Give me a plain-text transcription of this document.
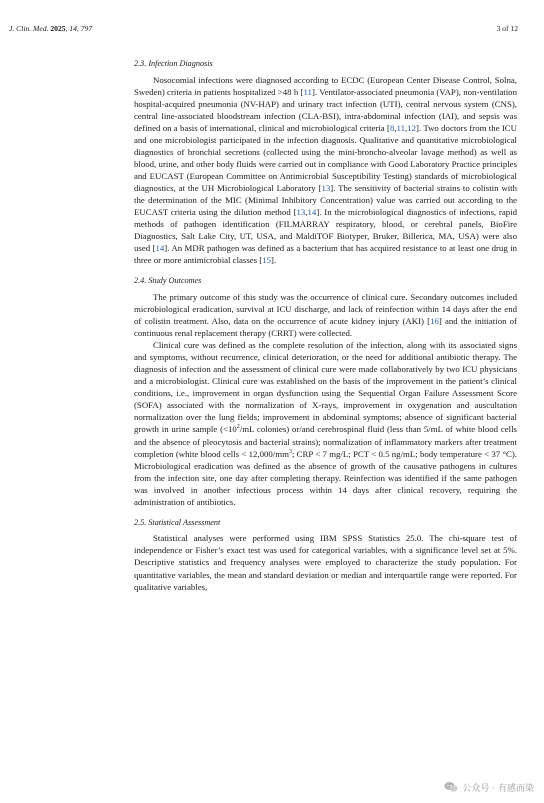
J. Clin. Med. 2025, 14, 797	3 of 12
2.3. Infection Diagnosis

Nosocomial infections were diagnosed according to ECDC (European Center Disease Control, Solna, Sweden) criteria in patients hospitalized >48 h [11]. Ventilator-associated pneumonia (VAP), non-ventilation hospital-acquired pneumonia (NV-HAP) and urinary tract infection (UTI), central nervous system (CNS), central line-associated bloodstream infection (CLA-BSI), intra-abdominal infection (IAI), and sepsis was defined on a basis of international, clinical and microbiological criteria [8,11,12]. Two doctors from the ICU and one microbiologist participated in the infection diagnosis. Qualitative and quantitative microbiological diagnostics of bronchial secretions (collected using the mini-broncho-alveolar lavage method) as well as blood, urine, and other body fluids were carried out in compliance with Good Laboratory Practice principles and EUCAST (European Committee on Antimicrobial Susceptibility Testing) standards of microbiological diagnostics, at the UH Microbiological Laboratory [13]. The sensitivity of bacterial strains to colistin with the determination of the MIC (Minimal Inhibitory Concentration) value was carried out according to the EUCAST criteria using the dilution method [13,14]. In the microbiological diagnostics of infections, rapid methods of pathogen identification (FILMARRAY respiratory, blood, or cerebral panels, BioFire Diagnostics, Salt Lake City, UT, USA, and MaldiTOF Biotyper, Bruker, Billerica, MA, USA) were also used [14]. An MDR pathogen was defined as a bacterium that has acquired resistance to at least one drug in three or more antimicrobial classes [15].

2.4. Study Outcomes

The primary outcome of this study was the occurrence of clinical cure. Secondary outcomes included microbiological eradication, survival at ICU discharge, and lack of reinfection within 14 days after the end of colistin treatment. Also, data on the occurrence of acute kidney injury (AKI) [16] and the initiation of continuous renal replacement therapy (CRRT) were collected.

Clinical cure was defined as the complete resolution of the infection, along with its associated signs and symptoms, without recurrence, clinical deterioration, or the need for additional antibiotic therapy. The diagnosis of infection and the assessment of clinical cure were made collaboratively by two ICU physicians and a microbiologist. Clinical cure was established on the basis of the improvement in the patient’s clinical conditions, i.e., improvement in organ dysfunction using the Sequential Organ Failure Assessment Score (SOFA) associated with the normalization of X-rays, improvement in oxygenation and auscultation normalization over the lung fields; improvement in abdominal symptoms; absence of significant bacterial growth in urine sample ($<10^2/mL$ colonies) or/and cerebrospinal fluid (less than 5/mL of white blood cells and the absence of pleocytosis and bacterial strains); normalization of inflammatory markers after treatment completion (white blood cells < $12,000/mm^3$; CRP < 7 mg/L; PCT < 0.5 ng/mL; body temperature < 37 °C). Microbiological eradication was defined as the absence of growth of the causative pathogens in cultures from the infection site, one day after completing therapy. Reinfection was identified if the same pathogen was involved in another infectious process within 14 days after clinical recovery, requiring the administration of antibiotics.

2.5. Statistical Assessment

Statistical analyses were performed using IBM SPSS Statistics 25.0. The chi-square test of independence or Fisher’s exact test was used for categorical variables, with a significance level set at 5%. Descriptive statistics and frequency analyses were employed to characterize the study population. For quantitative variables, the mean and standard deviation or median and interquartile range were reported. For qualitative variables,

公众号 · 有感而染
